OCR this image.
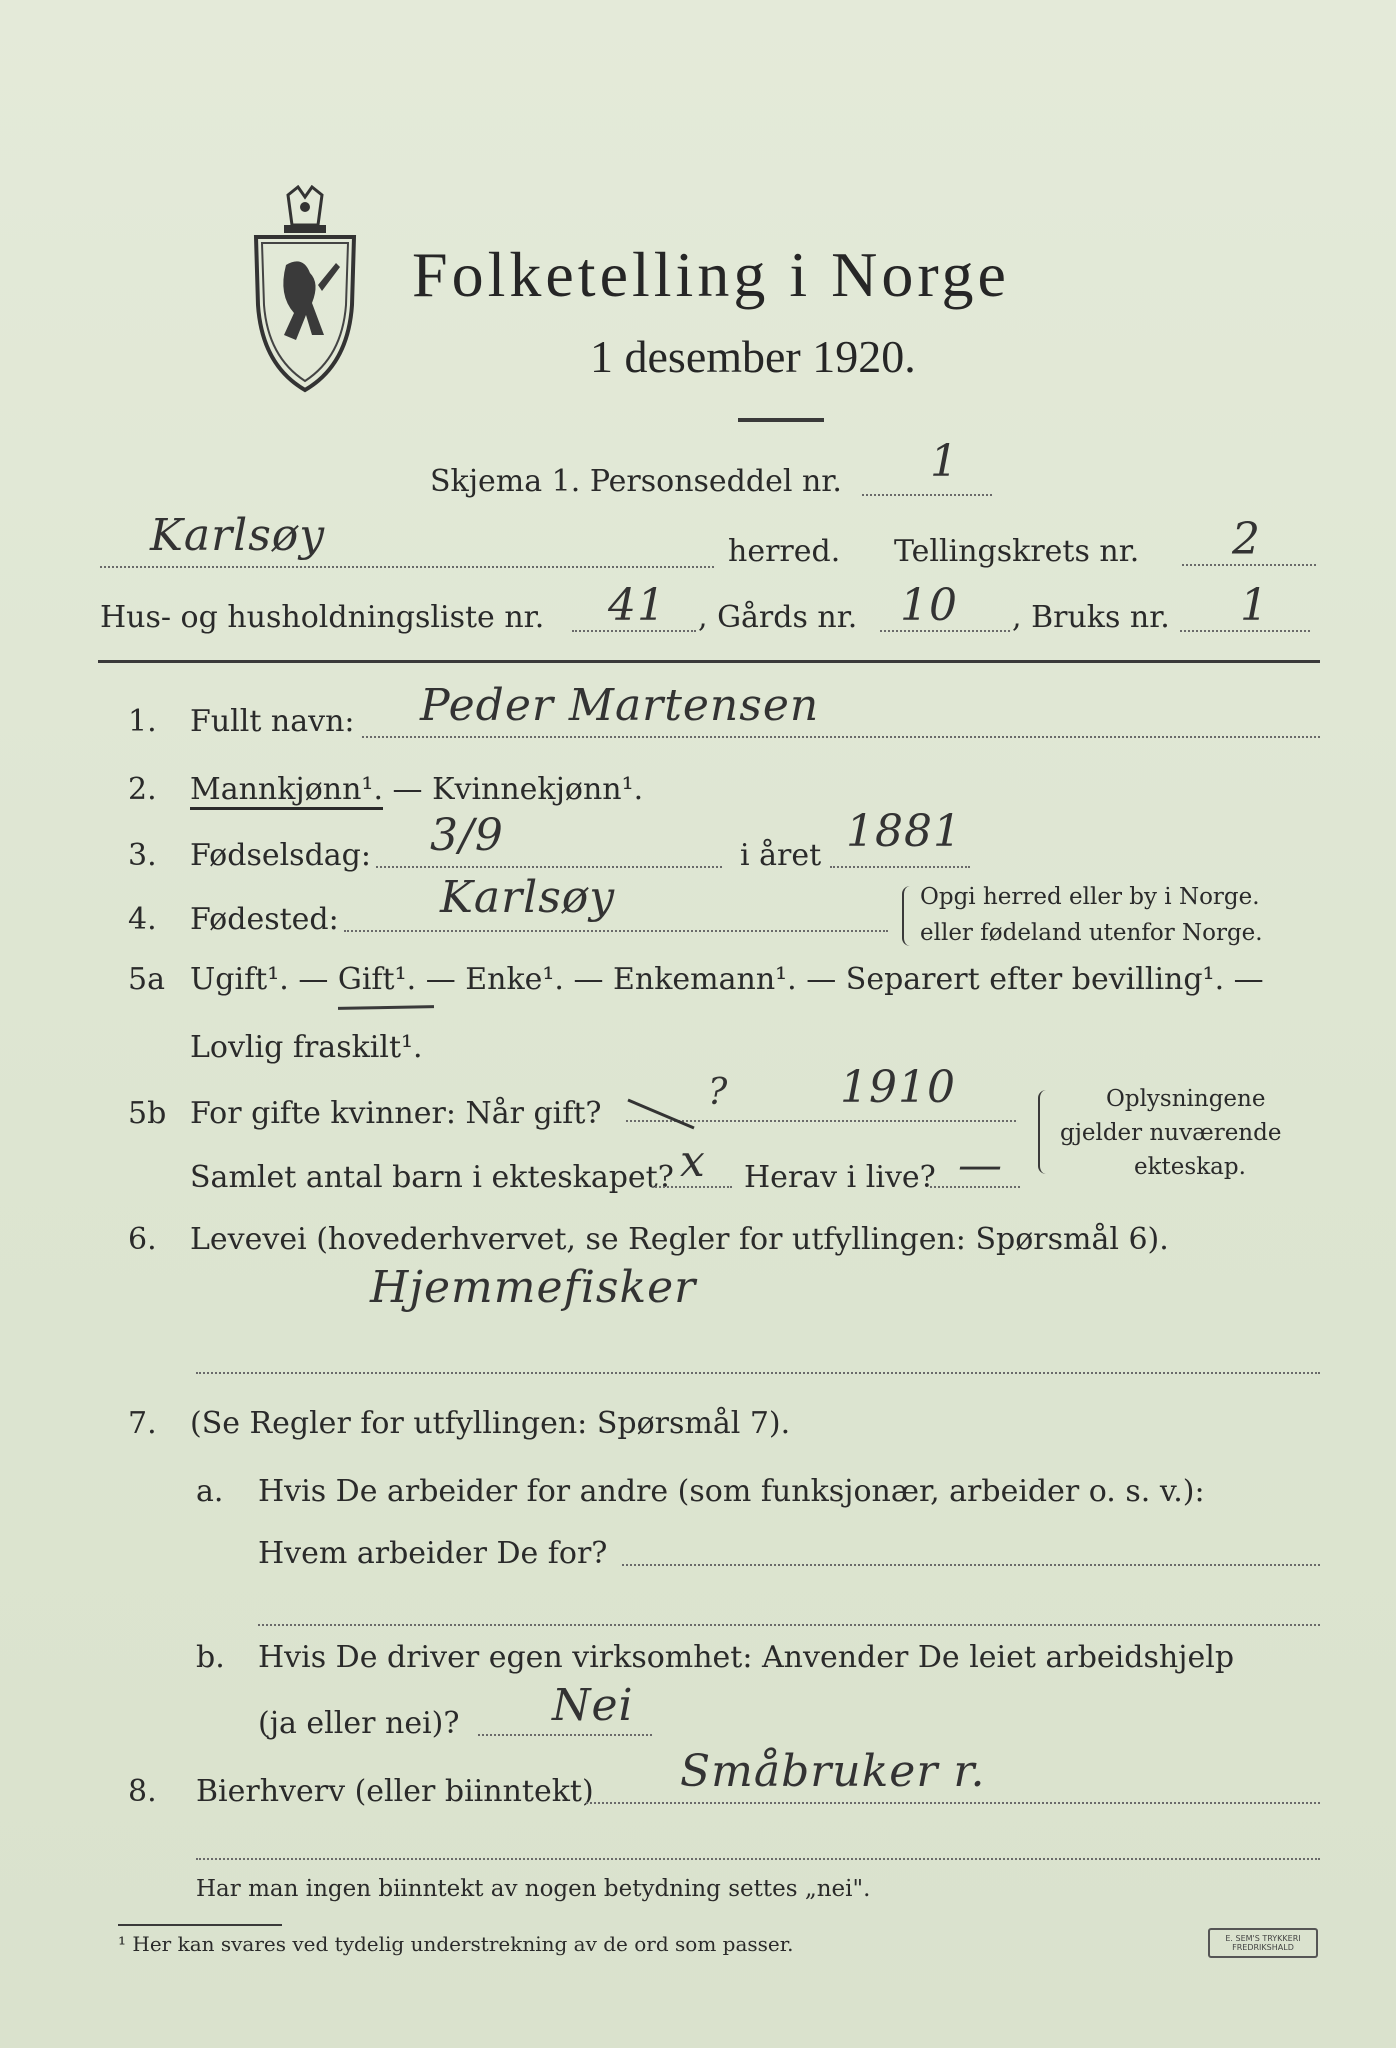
Folketelling i Norge
1 desember 1920.
Skjema 1. Personseddel nr. 1
Karlsøy	herred. Tellingskrets nr. 2
Hus- og husholdningsliste nr. 41 , Gårds nr. 10 , Bruks nr. 1
1. Fullt navn: Peder Martensen
2. Mannkjønn¹. — Kvinnekjønn¹.
3. Fødselsdag: 3/9	i året 1881
4. Fødested: Karlsøy	Opgi herred eller by i Norge.
eller fødeland utenfor Norge.
5a Ugift¹. — Gift¹. — Enke¹. — Enkemann¹. — Separert efter bevilling¹. —
Lovlig fraskilt¹.
5b For gifte kvinner: Når gift?
?	1910
Samlet antal barn i ekteskapet? x Herav i live? —
Oplysningene
gjelder nuværende
ekteskap.
6. Levevei (hovederhvervet, se Regler for utfyllingen: Spørsmål 6).
Hjemmefisker
7. (Se Regler for utfyllingen: Spørsmål 7).
a. Hvis De arbeider for andre (som funksjonær, arbeider o. s. v.):
Hvem arbeider De for?
b. Hvis De driver egen virksomhet: Anvender De leiet arbeidshjelp
(ja eller nei)? Nei
8. Bierhverv (eller biinntekt) Småbruker r.
Har man ingen biinntekt av nogen betydning settes „nei".
¹ Her kan svares ved tydelig understrekning av de ord som passer.	E. SEM'S TRYKKERI FREDRIKSHALD
